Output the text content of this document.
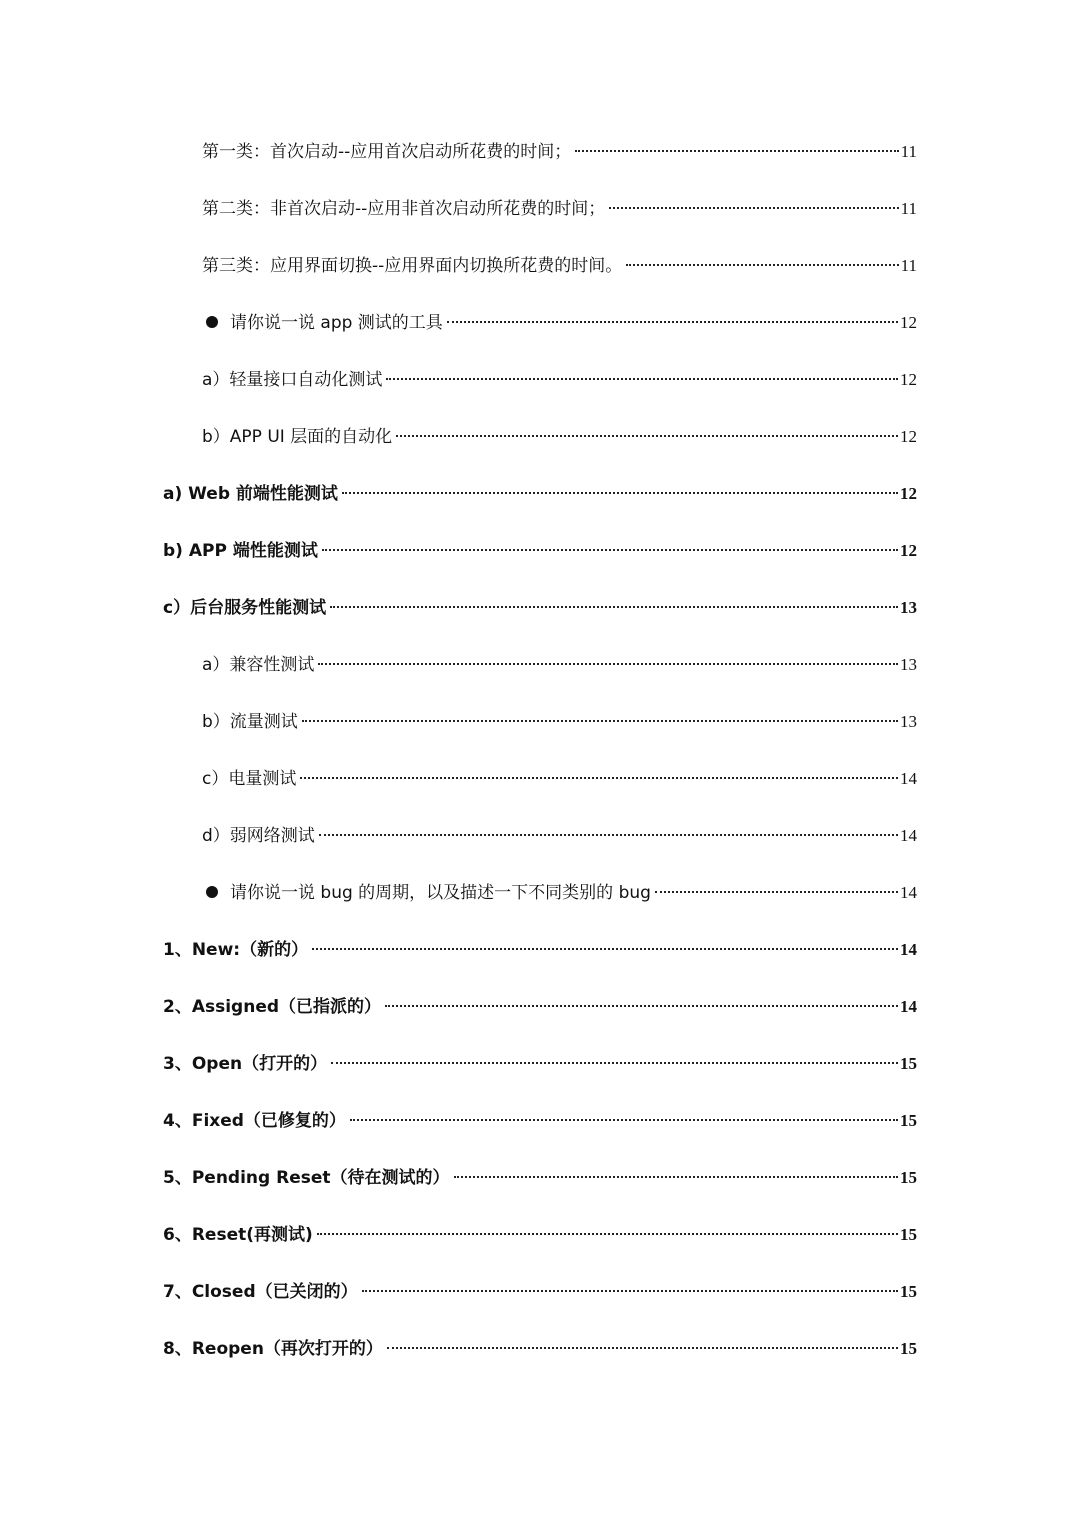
第一类：首次启动--应用首次启动所花费的时间；	11
第二类：非首次启动--应用非首次启动所花费的时间；	11
第三类：应用界面切换--应用界面内切换所花费的时间。	11
请你说一说 app 测试的工具	12
a）轻量接口自动化测试	12
b）APP UI 层面的自动化	12
a) Web 前端性能测试	12
b) APP 端性能测试	12
c）后台服务性能测试	13
a）兼容性测试	13
b）流量测试	13
c）电量测试	14
d）弱网络测试	14
请你说一说 bug 的周期，以及描述一下不同类别的 bug	14
1、New:（新的）	14
2、Assigned（已指派的）	14
3、Open（打开的）	15
4、Fixed（已修复的）	15
5、Pending Reset（待在测试的）	15
6、Reset(再测试)	15
7、Closed（已关闭的）	15
8、Reopen（再次打开的）	15
